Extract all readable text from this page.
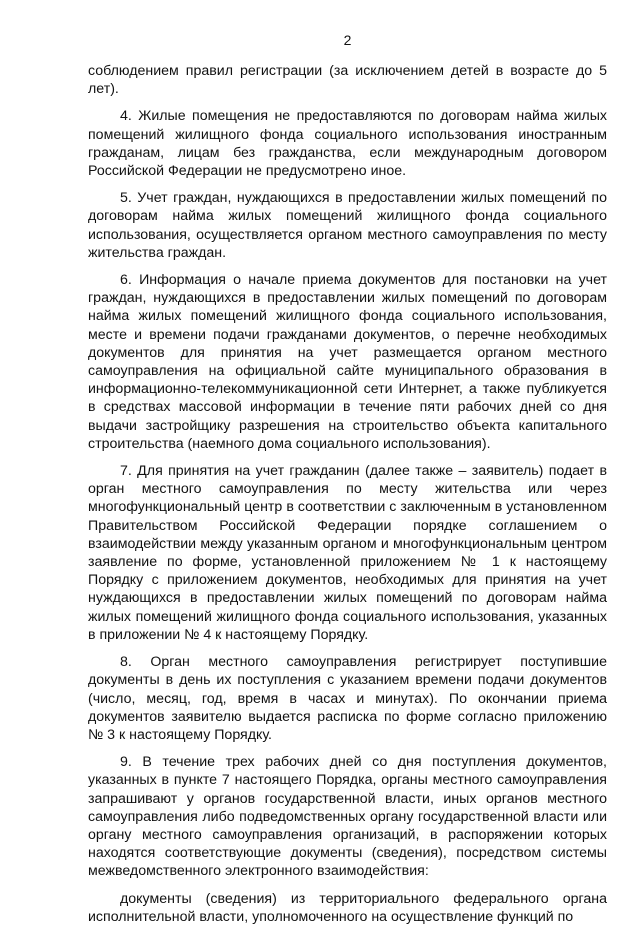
2

соблюдением правил регистрации (за исключением детей в возрасте до 5 лет).

4. Жилые помещения не предоставляются по договорам найма жилых помещений жилищного фонда социального использования иностранным гражданам, лицам без гражданства, если международным договором Российской Федерации не предусмотрено иное.

5. Учет граждан, нуждающихся в предоставлении жилых помещений по договорам найма жилых помещений жилищного фонда социального использования, осуществляется органом местного самоуправления по месту жительства граждан.

6. Информация о начале приема документов для постановки на учет граждан, нуждающихся в предоставлении жилых помещений по договорам найма жилых помещений жилищного фонда социального использования, месте и времени подачи гражданами документов, о перечне необходимых документов для принятия на учет размещается органом местного самоуправления на официальной сайте муниципального образования в информационно-телекоммуникационной сети Интернет, а также публикуется в средствах массовой информации в течение пяти рабочих дней со дня выдачи застройщику разрешения на строительство объекта капитального строительства (наемного дома социального использования).

7. Для принятия на учет гражданин (далее также – заявитель) подает в орган местного самоуправления по месту жительства или через многофункциональный центр в соответствии с заключенным в установленном Правительством Российской Федерации порядке соглашением о взаимодействии между указанным органом и многофункциональным центром заявление по форме, установленной приложением № 1 к настоящему Порядку с приложением документов, необходимых для принятия на учет нуждающихся в предоставлении жилых помещений по договорам найма жилых помещений жилищного фонда социального использования, указанных в приложении № 4 к настоящему Порядку.

8. Орган местного самоуправления регистрирует поступившие документы в день их поступления с указанием времени подачи документов (число, месяц, год, время в часах и минутах). По окончании приема документов заявителю выдается расписка по форме согласно приложению № 3 к настоящему Порядку.

9. В течение трех рабочих дней со дня поступления документов, указанных в пункте 7 настоящего Порядка, органы местного самоуправления запрашивают у органов государственной власти, иных органов местного самоуправления либо подведомственных органу государственной власти или органу местного самоуправления организаций, в распоряжении которых находятся соответствующие документы (сведения), посредством системы межведомственного электронного взаимодействия:

документы (сведения) из территориального федерального органа исполнительной власти, уполномоченного на осуществление функций по
